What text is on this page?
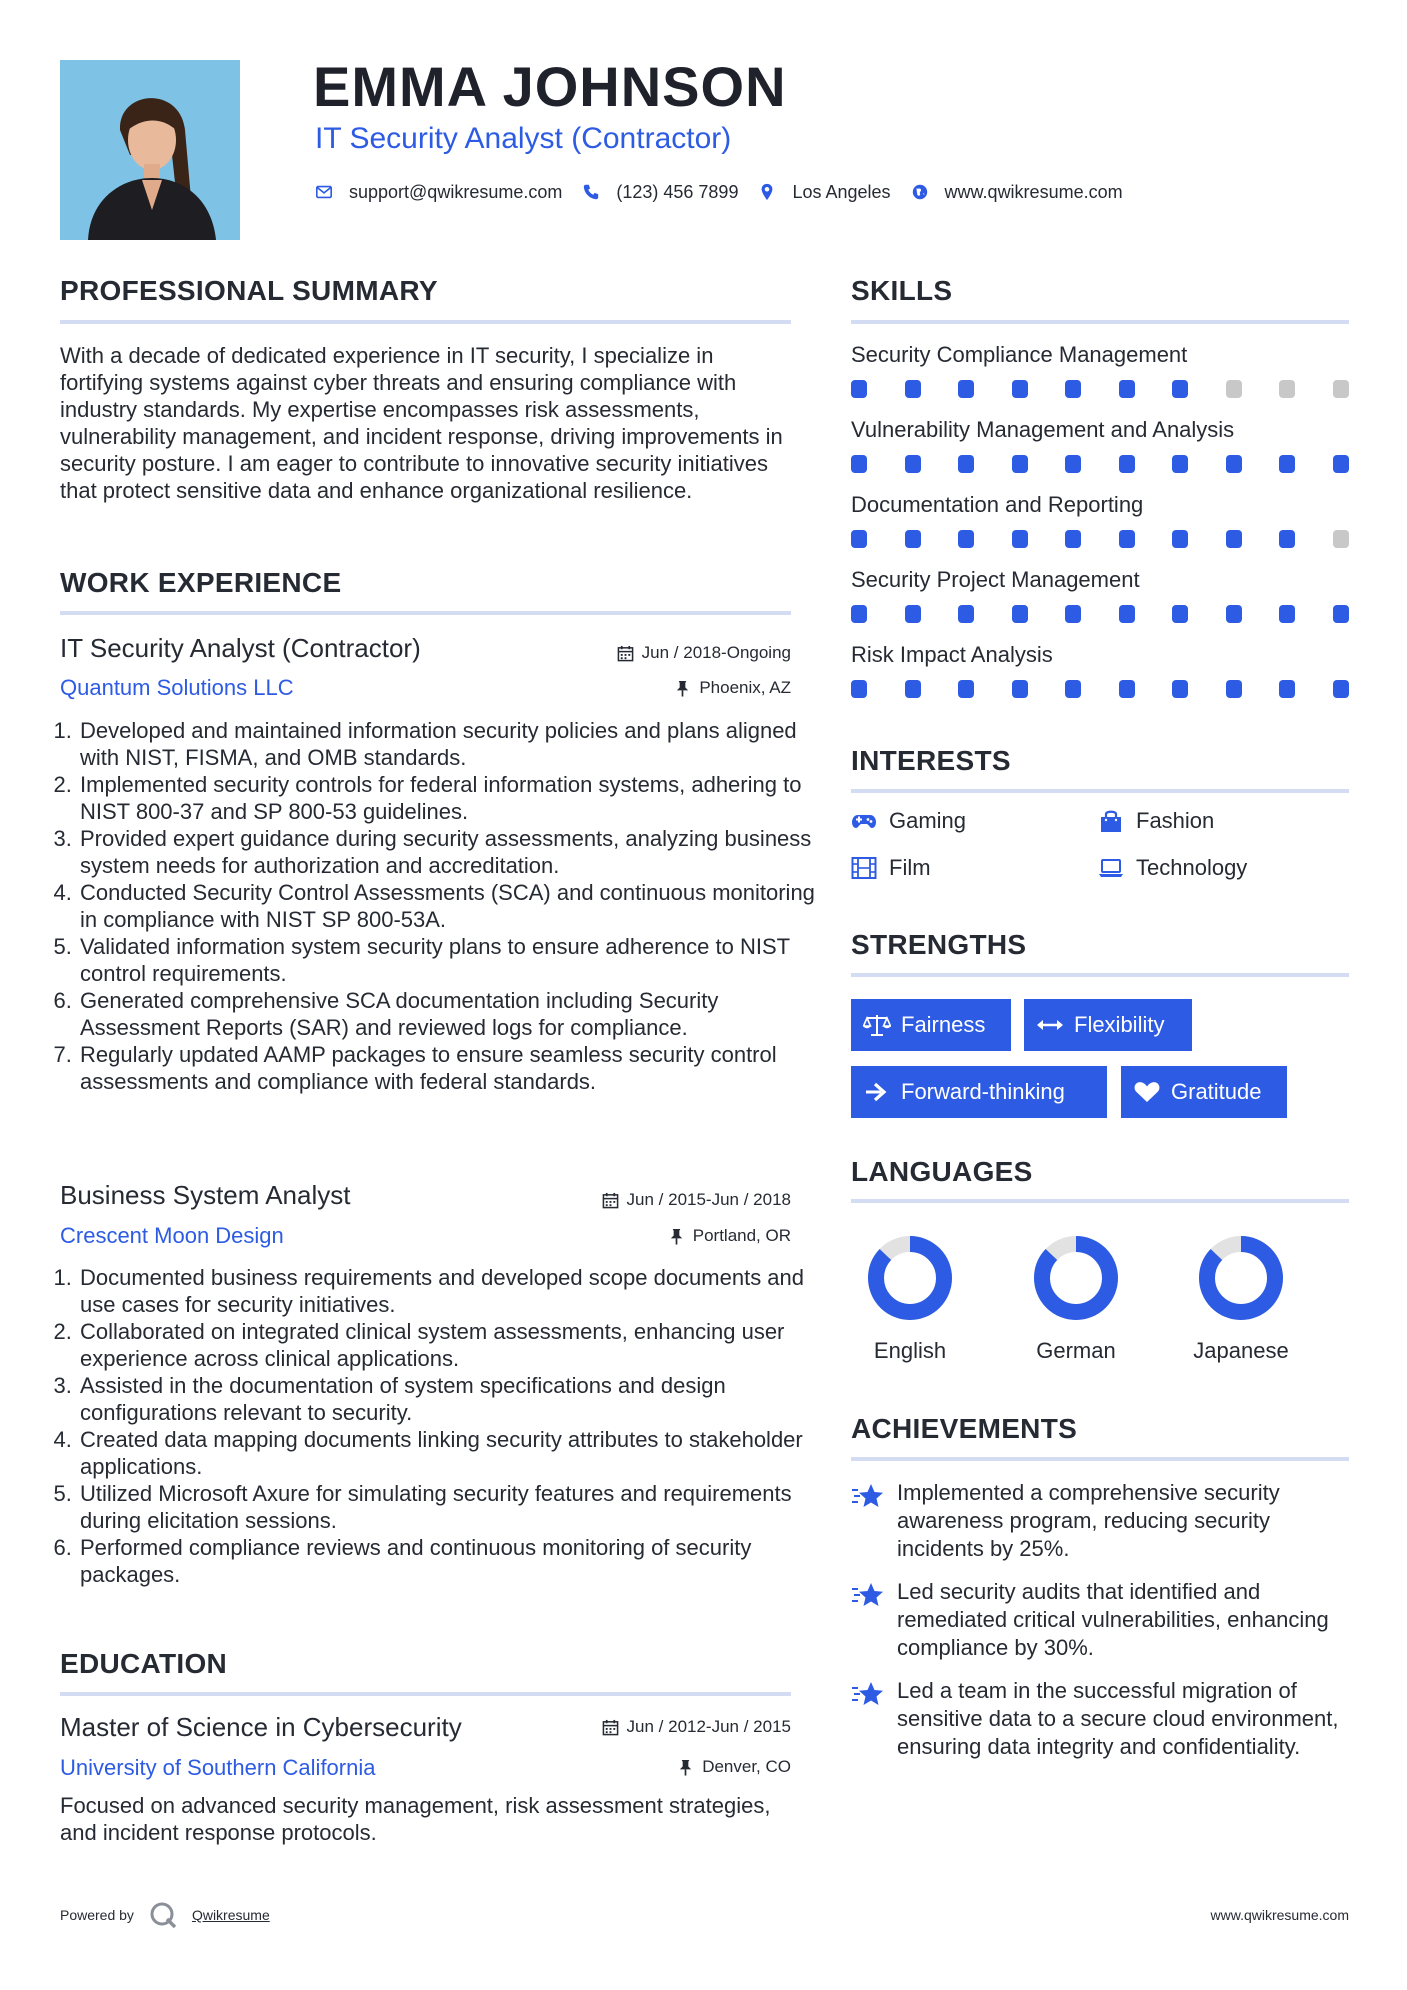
EMMA JOHNSON
IT Security Analyst (Contractor)
support@qwikresume.com	(123) 456 7899	Los Angeles	www.qwikresume.com
PROFESSIONAL SUMMARY
With a decade of dedicated experience in IT security, I specialize in fortifying systems against cyber threats and ensuring compliance with industry standards. My expertise encompasses risk assessments, vulnerability management, and incident response, driving improvements in security posture. I am eager to contribute to innovative security initiatives that protect sensitive data and enhance organizational resilience.
WORK EXPERIENCE
IT Security Analyst (Contractor)	Jun / 2018-Ongoing
Quantum Solutions LLC	Phoenix, AZ
1. Developed and maintained information security policies and plans aligned with NIST, FISMA, and OMB standards.
2. Implemented security controls for federal information systems, adhering to NIST 800-37 and SP 800-53 guidelines.
3. Provided expert guidance during security assessments, analyzing business system needs for authorization and accreditation.
4. Conducted Security Control Assessments (SCA) and continuous monitoring in compliance with NIST SP 800-53A.
5. Validated information system security plans to ensure adherence to NIST control requirements.
6. Generated comprehensive SCA documentation including Security Assessment Reports (SAR) and reviewed logs for compliance.
7. Regularly updated AAMP packages to ensure seamless security control assessments and compliance with federal standards.
Business System Analyst	Jun / 2015-Jun / 2018
Crescent Moon Design	Portland, OR
1. Documented business requirements and developed scope documents and use cases for security initiatives.
2. Collaborated on integrated clinical system assessments, enhancing user experience across clinical applications.
3. Assisted in the documentation of system specifications and design configurations relevant to security.
4. Created data mapping documents linking security attributes to stakeholder applications.
5. Utilized Microsoft Axure for simulating security features and requirements during elicitation sessions.
6. Performed compliance reviews and continuous monitoring of security packages.
EDUCATION
Master of Science in Cybersecurity	Jun / 2012-Jun / 2015
University of Southern California	Denver, CO
Focused on advanced security management, risk assessment strategies, and incident response protocols.
SKILLS
Security Compliance Management
Vulnerability Management and Analysis
Documentation and Reporting
Security Project Management
Risk Impact Analysis
INTERESTS
Gaming	Fashion
Film	Technology
STRENGTHS
Fairness	Flexibility
Forward-thinking	Gratitude
LANGUAGES
English	German	Japanese
ACHIEVEMENTS
Implemented a comprehensive security awareness program, reducing security incidents by 25%.
Led security audits that identified and remediated critical vulnerabilities, enhancing compliance by 30%.
Led a team in the successful migration of sensitive data to a secure cloud environment, ensuring data integrity and confidentiality.
Powered by	Qwikresume	www.qwikresume.com
